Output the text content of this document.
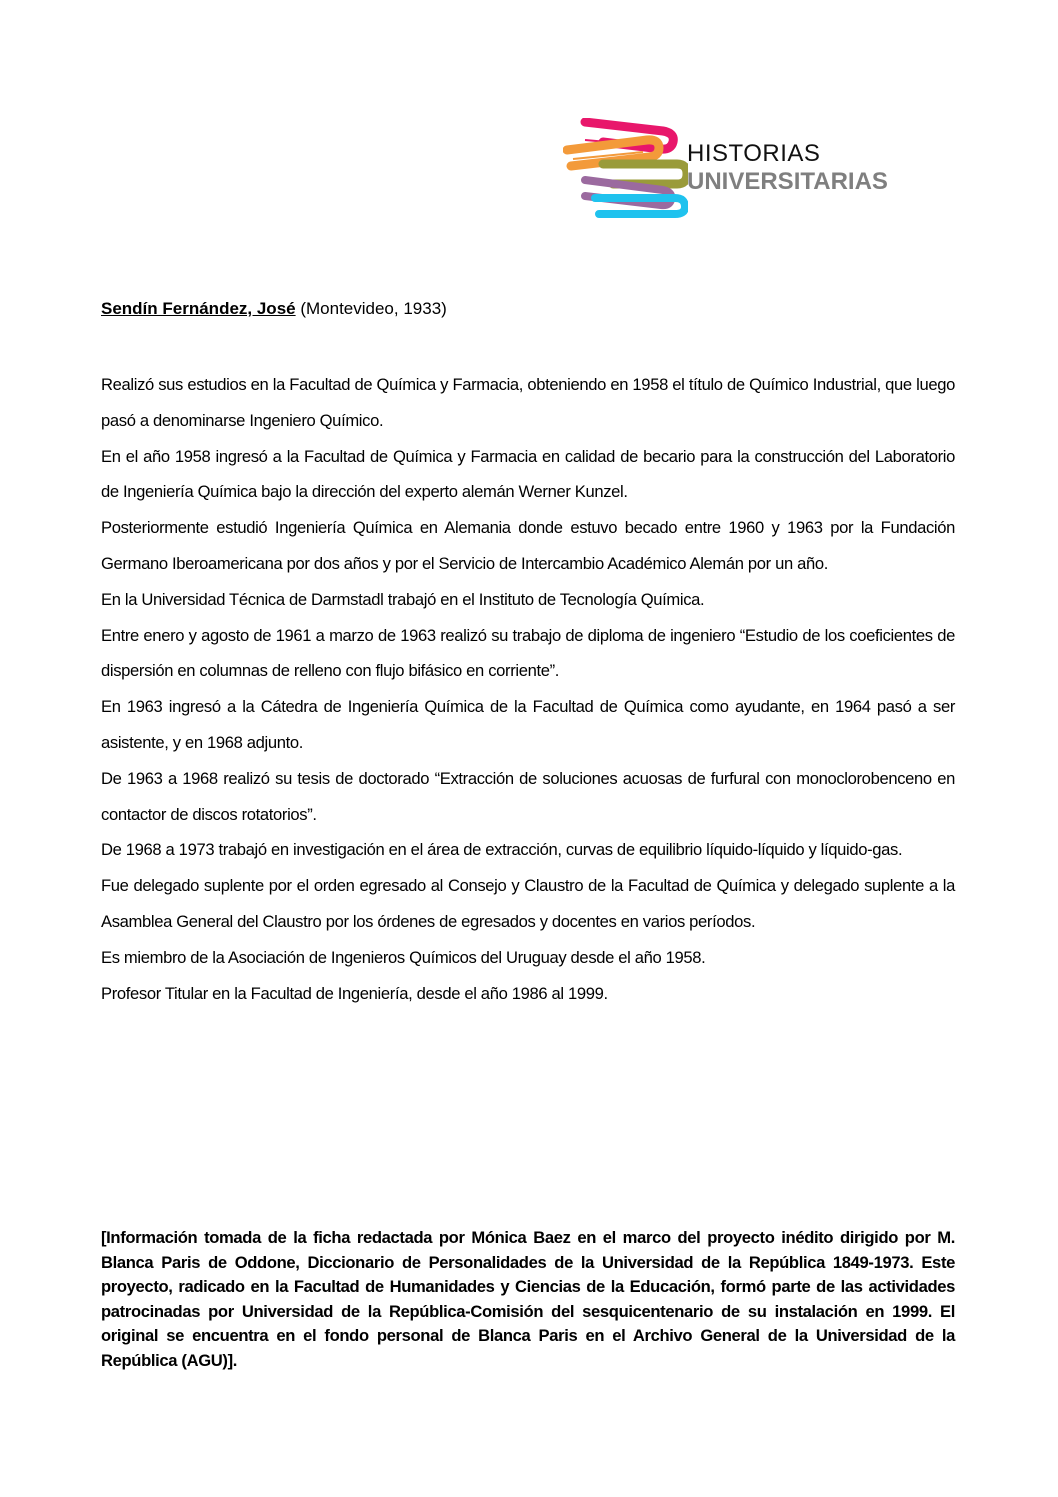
HISTORIAS
UNIVERSITARIAS
Sendín Fernández, José (Montevideo, 1933)

Realizó sus estudios en la Facultad de Química y Farmacia, obteniendo en 1958 el título de Químico Industrial, que luego pasó a denominarse Ingeniero Químico.

En el año 1958 ingresó a la Facultad de Química y Farmacia en calidad de becario para la construcción del Laboratorio de Ingeniería Química bajo la dirección del experto alemán Werner Kunzel.

Posteriormente estudió Ingeniería Química en Alemania donde estuvo becado entre 1960 y 1963 por la Fundación Germano Iberoamericana por dos años y por el Servicio de Intercambio Académico Alemán por un año.

En la Universidad Técnica de Darmstadl trabajó en el Instituto de Tecnología Química.

Entre enero y agosto de 1961 a marzo de 1963 realizó su trabajo de diploma de ingeniero “Estudio de los coeficientes de dispersión en columnas de relleno con flujo bifásico en corriente”.

En 1963 ingresó a la Cátedra de Ingeniería Química de la Facultad de Química como ayudante, en 1964 pasó a ser asistente, y en 1968 adjunto.

De 1963 a 1968 realizó su tesis de doctorado “Extracción de soluciones acuosas de furfural con monoclorobenceno en contactor de discos rotatorios”.

De 1968 a 1973 trabajó en investigación en el área de extracción, curvas de equilibrio líquido-líquido y líquido-gas.

Fue delegado suplente por el orden egresado al Consejo y Claustro de la Facultad de Química y delegado suplente a la Asamblea General del Claustro por los órdenes de egresados y docentes en varios períodos.

Es miembro de la Asociación de Ingenieros Químicos del Uruguay desde el año 1958.

Profesor Titular en la Facultad de Ingeniería, desde el año 1986 al 1999.

[Información tomada de la ficha redactada por Mónica Baez en el marco del proyecto inédito dirigido por M. Blanca Paris de Oddone, Diccionario de Personalidades de la Universidad de la República 1849-1973. Este proyecto, radicado en la Facultad de Humanidades y Ciencias de la Educación, formó parte de las actividades patrocinadas por Universidad de la República-Comisión del sesquicentenario de su instalación en 1999. El original se encuentra en el fondo personal de Blanca Paris en el Archivo General de la Universidad de la República (AGU)].
